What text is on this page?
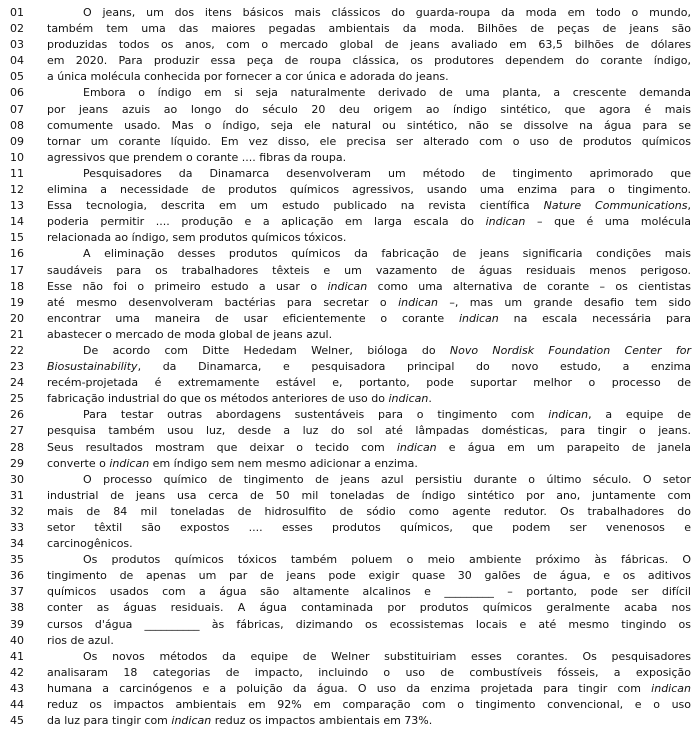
01	O jeans, um dos itens básicos mais clássicos do guarda-roupa da moda em todo o mundo,
02	também tem uma das maiores pegadas ambientais da moda. Bilhões de peças de jeans são
03	produzidas todos os anos, com o mercado global de jeans avaliado em 63,5 bilhões de dólares
04	em 2020. Para produzir essa peça de roupa clássica, os produtores dependem do corante índigo,
05	a única molécula conhecida por fornecer a cor única e adorada do jeans.
06	Embora o índigo em si seja naturalmente derivado de uma planta, a crescente demanda
07	por jeans azuis ao longo do século 20 deu origem ao índigo sintético, que agora é mais
08	comumente usado. Mas o índigo, seja ele natural ou sintético, não se dissolve na água para se
09	tornar um corante líquido. Em vez disso, ele precisa ser alterado com o uso de produtos químicos
10	agressivos que prendem o corante .... fibras da roupa.
11	Pesquisadores da Dinamarca desenvolveram um método de tingimento aprimorado que
12	elimina a necessidade de produtos químicos agressivos, usando uma enzima para o tingimento.
13	Essa tecnologia, descrita em um estudo publicado na revista científica Nature Communications,
14	poderia permitir .... produção e a aplicação em larga escala do indican – que é uma molécula
15	relacionada ao índigo, sem produtos químicos tóxicos.
16	A eliminação desses produtos químicos da fabricação de jeans significaria condições mais
17	saudáveis para os trabalhadores têxteis e um vazamento de águas residuais menos perigoso.
18	Esse não foi o primeiro estudo a usar o indican como uma alternativa de corante – os cientistas
19	até mesmo desenvolveram bactérias para secretar o indican –, mas um grande desafio tem sido
20	encontrar uma maneira de usar eficientemente o corante indican na escala necessária para
21	abastecer o mercado de moda global de jeans azul.
22	De acordo com Ditte Hededam Welner, bióloga do Novo Nordisk Foundation Center for
23	Biosustainability, da Dinamarca, e pesquisadora principal do novo estudo, a enzima
24	recém-projetada é extremamente estável e, portanto, pode suportar melhor o processo de
25	fabricação industrial do que os métodos anteriores de uso do indican.
26	Para testar outras abordagens sustentáveis para o tingimento com indican, a equipe de
27	pesquisa também usou luz, desde a luz do sol até lâmpadas domésticas, para tingir o jeans.
28	Seus resultados mostram que deixar o tecido com indican e água em um parapeito de janela
29	converte o indican em índigo sem nem mesmo adicionar a enzima.
30	O processo químico de tingimento de jeans azul persistiu durante o último século. O setor
31	industrial de jeans usa cerca de 50 mil toneladas de índigo sintético por ano, juntamente com
32	mais de 84 mil toneladas de hidrosulfito de sódio como agente redutor. Os trabalhadores do
33	setor têxtil são expostos .... esses produtos químicos, que podem ser venenosos e
34	carcinogênicos.
35	Os produtos químicos tóxicos também poluem o meio ambiente próximo às fábricas. O
36	tingimento de apenas um par de jeans pode exigir quase 30 galões de água, e os aditivos
37	químicos usados com a água são altamente alcalinos e _________ – portanto, pode ser difícil
38	conter as águas residuais. A água contaminada por produtos químicos geralmente acaba nos
39	cursos d'água __________ às fábricas, dizimando os ecossistemas locais e até mesmo tingindo os
40	rios de azul.
41	Os novos métodos da equipe de Welner substituiriam esses corantes. Os pesquisadores
42	analisaram 18 categorias de impacto, incluindo o uso de combustíveis fósseis, a exposição
43	humana a carcinógenos e a poluição da água. O uso da enzima projetada para tingir com indican
44	reduz os impactos ambientais em 92% em comparação com o tingimento convencional, e o uso
45	da luz para tingir com indican reduz os impactos ambientais em 73%.
